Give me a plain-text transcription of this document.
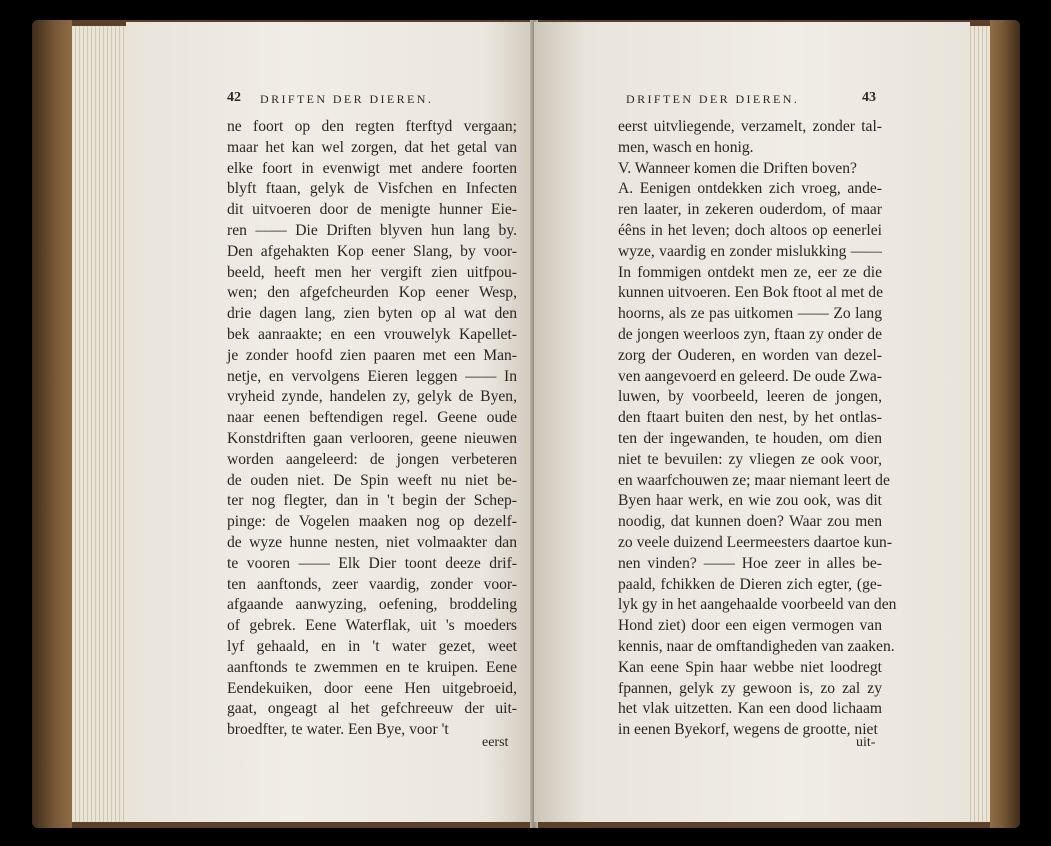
42 DRIFTEN DER DIEREN.
ne foort op den regten fterftyd vergaan;
maar het kan wel zorgen, dat het getal van
elke foort in evenwigt met andere foorten
blyft ftaan, gelyk de Visfchen en Infecten
dit uitvoeren door de menigte hunner Eie-
ren —— Die Driften blyven hun lang by.
Den afgehakten Kop eener Slang, by voor-
beeld, heeft men her vergift zien uitfpou-
wen; den afgefcheurden Kop eener Wesp,
drie dagen lang, zien byten op al wat den
bek aanraakte; en een vrouwelyk Kapellet-
je zonder hoofd zien paaren met een Man-
netje, en vervolgens Eieren leggen —— In
vryheid zynde, handelen zy, gelyk de Byen,
naar eenen beftendigen regel. Geene oude
Konstdriften gaan verlooren, geene nieuwen
worden aangeleerd: de jongen verbeteren
de ouden niet. De Spin weeft nu niet be-
ter nog flegter, dan in 't begin der Schep-
pinge: de Vogelen maaken nog op dezelf-
de wyze hunne nesten, niet volmaakter dan
te vooren —— Elk Dier toont deeze drif-
ten aanftonds, zeer vaardig, zonder voor-
afgaande aanwyzing, oefening, broddeling
of gebrek. Eene Waterflak, uit 's moeders
lyf gehaald, en in 't water gezet, weet
aanftonds te zwemmen en te kruipen. Eene
Eendekuiken, door eene Hen uitgebroeid,
gaat, ongeagt al het gefchreeuw der uit-
broedfter, te water. Een Bye, voor 't
eerst
DRIFTEN DER DIEREN.	43
eerst uitvliegende, verzamelt, zonder tal-
men, wasch en honig.
V. Wanneer komen die Driften boven?
A. Eenigen ontdekken zich vroeg, ande-
ren laater, in zekeren ouderdom, of maar
éêns in het leven; doch altoos op eenerlei
wyze, vaardig en zonder mislukking ——
In fommigen ontdekt men ze, eer ze die
kunnen uitvoeren. Een Bok ftoot al met de
hoorns, als ze pas uitkomen —— Zo lang
de jongen weerloos zyn, ftaan zy onder de
zorg der Ouderen, en worden van dezel-
ven aangevoerd en geleerd. De oude Zwa-
luwen, by voorbeeld, leeren de jongen,
den ftaart buiten den nest, by het ontlas-
ten der ingewanden, te houden, om dien
niet te bevuilen: zy vliegen ze ook voor,
en waarfchouwen ze; maar niemant leert de
Byen haar werk, en wie zou ook, was dit
noodig, dat kunnen doen? Waar zou men
zo veele duizend Leermeesters daartoe kun-
nen vinden? —— Hoe zeer in alles be-
paald, fchikken de Dieren zich egter, (ge-
lyk gy in het aangehaalde voorbeeld van den
Hond ziet) door een eigen vermogen van
kennis, naar de omftandigheden van zaaken.
Kan eene Spin haar webbe niet loodregt
fpannen, gelyk zy gewoon is, zo zal zy
het vlak uitzetten. Kan een dood lichaam
in eenen Byekorf, wegens de grootte, niet
uit-
